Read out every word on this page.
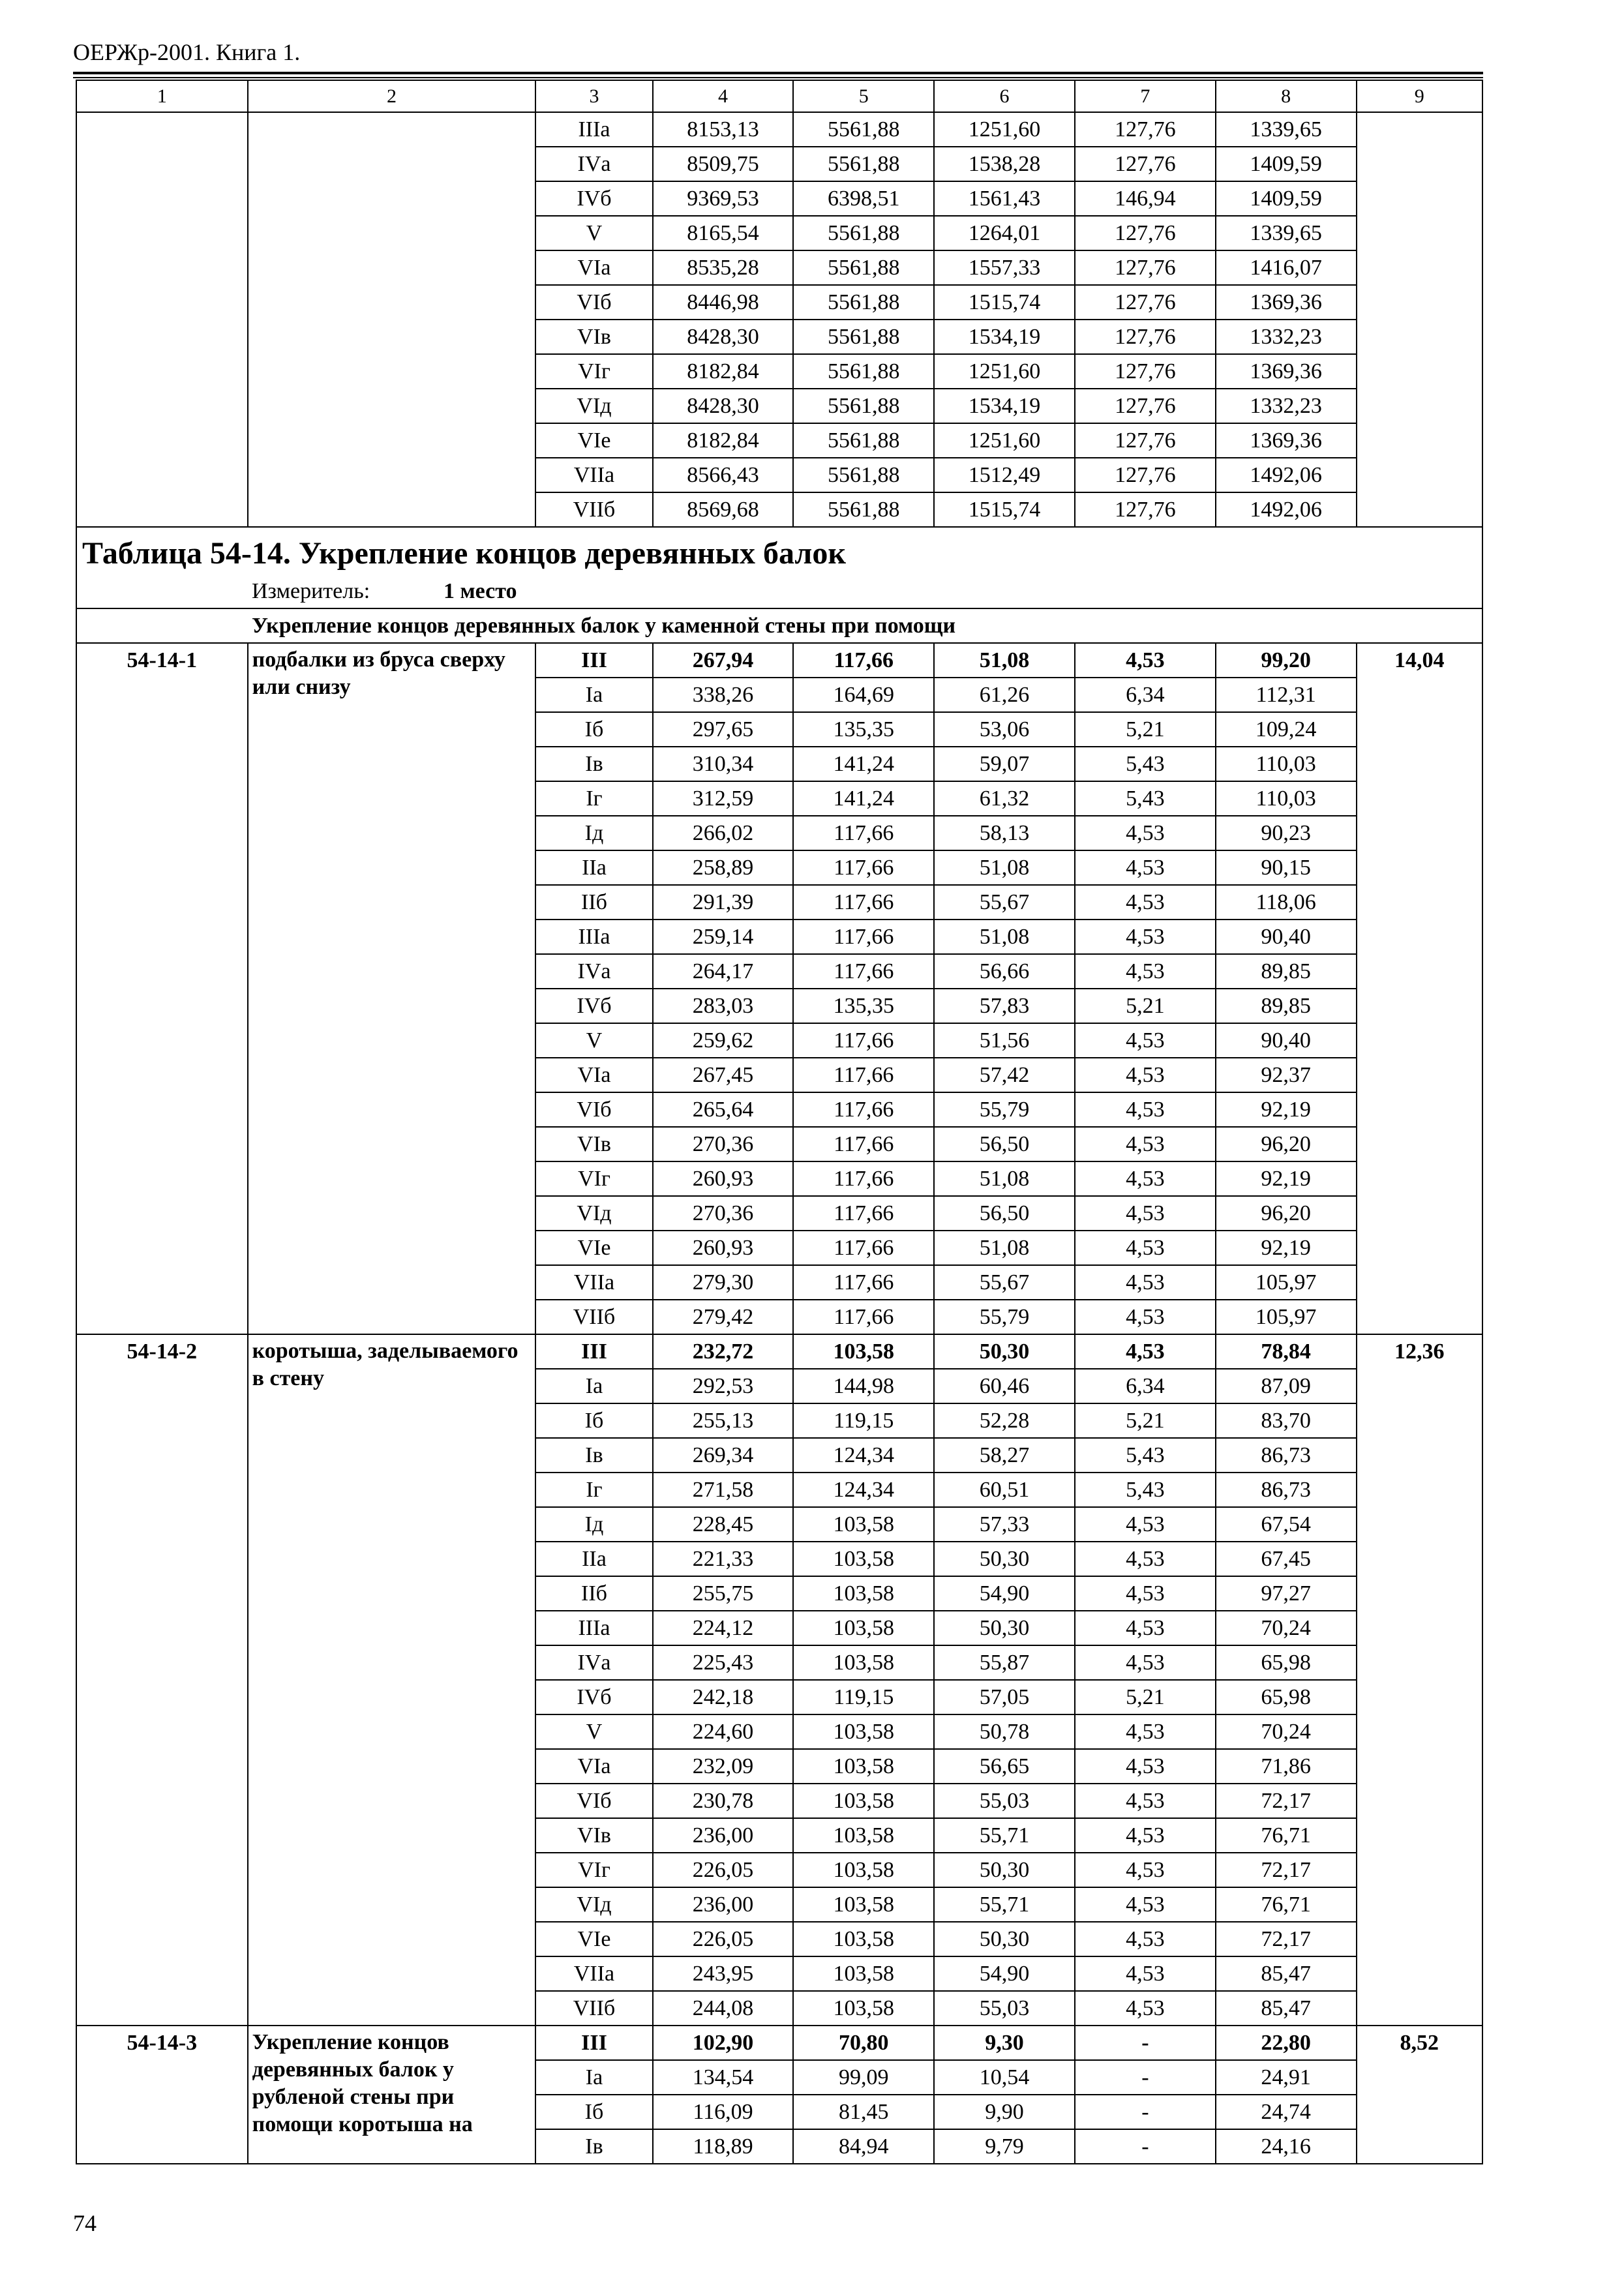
ОЕРЖр-2001. Книга 1.
1	2	3	4	5	6	7	8	9
		IIIа	8153,13	5561,88	1251,60	127,76	1339,65	
		IVа	8509,75	5561,88	1538,28	127,76	1409,59	
		IVб	9369,53	6398,51	1561,43	146,94	1409,59	
		V	8165,54	5561,88	1264,01	127,76	1339,65	
		VIа	8535,28	5561,88	1557,33	127,76	1416,07	
		VIб	8446,98	5561,88	1515,74	127,76	1369,36	
		VIв	8428,30	5561,88	1534,19	127,76	1332,23	
		VIг	8182,84	5561,88	1251,60	127,76	1369,36	
		VIд	8428,30	5561,88	1534,19	127,76	1332,23	
		VIе	8182,84	5561,88	1251,60	127,76	1369,36	
		VIIа	8566,43	5561,88	1512,49	127,76	1492,06	
		VIIб	8569,68	5561,88	1515,74	127,76	1492,06	

Таблица 54-14. Укрепление концов деревянных балок
Измеритель: 1 место								

Укрепление концов деревянных балок у каменной стены при помощи								
54-14-1	подбалки из бруса сверху или снизу	III	267,94	117,66	51,08	4,53	99,20	14,04
		Iа	338,26	164,69	61,26	6,34	112,31	
		Iб	297,65	135,35	53,06	5,21	109,24	
		Iв	310,34	141,24	59,07	5,43	110,03	
		Iг	312,59	141,24	61,32	5,43	110,03	
		Iд	266,02	117,66	58,13	4,53	90,23	
		IIа	258,89	117,66	51,08	4,53	90,15	
		IIб	291,39	117,66	55,67	4,53	118,06	
		IIIа	259,14	117,66	51,08	4,53	90,40	
		IVа	264,17	117,66	56,66	4,53	89,85	
		IVб	283,03	135,35	57,83	5,21	89,85	
		V	259,62	117,66	51,56	4,53	90,40	
		VIа	267,45	117,66	57,42	4,53	92,37	
		VIб	265,64	117,66	55,79	4,53	92,19	
		VIв	270,36	117,66	56,50	4,53	96,20	
		VIг	260,93	117,66	51,08	4,53	92,19	
		VIд	270,36	117,66	56,50	4,53	96,20	
		VIе	260,93	117,66	51,08	4,53	92,19	
		VIIа	279,30	117,66	55,67	4,53	105,97	
		VIIб	279,42	117,66	55,79	4,53	105,97	
54-14-2	коротыша, заделываемого в стену	III	232,72	103,58	50,30	4,53	78,84	12,36
		Iа	292,53	144,98	60,46	6,34	87,09	
		Iб	255,13	119,15	52,28	5,21	83,70	
		Iв	269,34	124,34	58,27	5,43	86,73	
		Iг	271,58	124,34	60,51	5,43	86,73	
		Iд	228,45	103,58	57,33	4,53	67,54	
		IIа	221,33	103,58	50,30	4,53	67,45	
		IIб	255,75	103,58	54,90	4,53	97,27	
		IIIа	224,12	103,58	50,30	4,53	70,24	
		IVа	225,43	103,58	55,87	4,53	65,98	
		IVб	242,18	119,15	57,05	5,21	65,98	
		V	224,60	103,58	50,78	4,53	70,24	
		VIа	232,09	103,58	56,65	4,53	71,86	
		VIб	230,78	103,58	55,03	4,53	72,17	
		VIв	236,00	103,58	55,71	4,53	76,71	
		VIг	226,05	103,58	50,30	4,53	72,17	
		VIд	236,00	103,58	55,71	4,53	76,71	
		VIе	226,05	103,58	50,30	4,53	72,17	
		VIIа	243,95	103,58	54,90	4,53	85,47	
		VIIб	244,08	103,58	55,03	4,53	85,47	
54-14-3	Укрепление концов деревянных балок у рубленой стены при помощи коротыша на	III	102,90	70,80	9,30	-	22,80	8,52
		Iа	134,54	99,09	10,54	-	24,91	
		Iб	116,09	81,45	9,90	-	24,74	
		Iв	118,89	84,94	9,79	-	24,16	
74
